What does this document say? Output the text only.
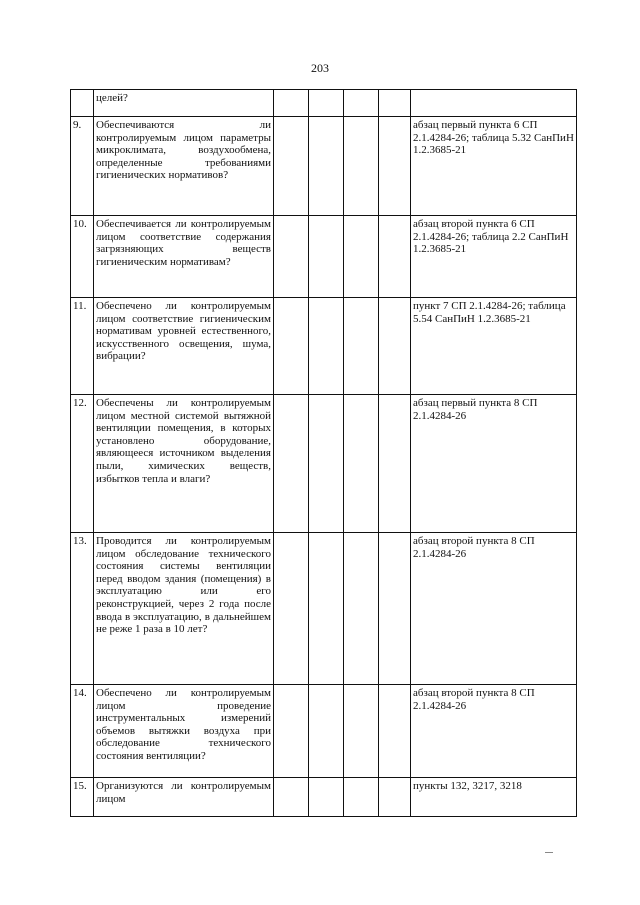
203
	целей?					
9.	Обеспечиваются ли контролируемым лицом параметры микроклимата, воздухообмена, определенные требованиями гигиенических нормативов?					абзац первый пункта 6 СП 2.1.4284-26; таблица 5.32 СанПиН 1.2.3685-21
10.	Обеспечивается ли контролируемым лицом соответствие содержания загрязняющих веществ гигиеническим нормативам?					абзац второй пункта 6 СП 2.1.4284-26; таблица 2.2 СанПиН 1.2.3685-21
11.	Обеспечено ли контролируемым лицом соответствие гигиеническим нормативам уровней естественного, искусственного освещения, шума, вибрации?					пункт 7 СП 2.1.4284-26; таблица 5.54 СанПиН 1.2.3685-21
12.	Обеспечены ли контролируемым лицом местной системой вытяжной вентиляции помещения, в которых установлено оборудование, являющееся источником выделения пыли, химических веществ, избытков тепла и влаги?					абзац первый пункта 8 СП 2.1.4284-26
13.	Проводится ли контролируемым лицом обследование технического состояния системы вентиляции перед вводом здания (помещения) в эксплуатацию или его реконструкцией, через 2 года после ввода в эксплуатацию, в дальнейшем не реже 1 раза в 10 лет?					абзац второй пункта 8 СП 2.1.4284-26
14.	Обеспечено ли контролируемым лицом проведение инструментальных измерений объемов вытяжки воздуха при обследование технического состояния вентиляции?					абзац второй пункта 8 СП 2.1.4284-26
15.	Организуются ли контролируемым лицом					пункты 132, 3217, 3218
